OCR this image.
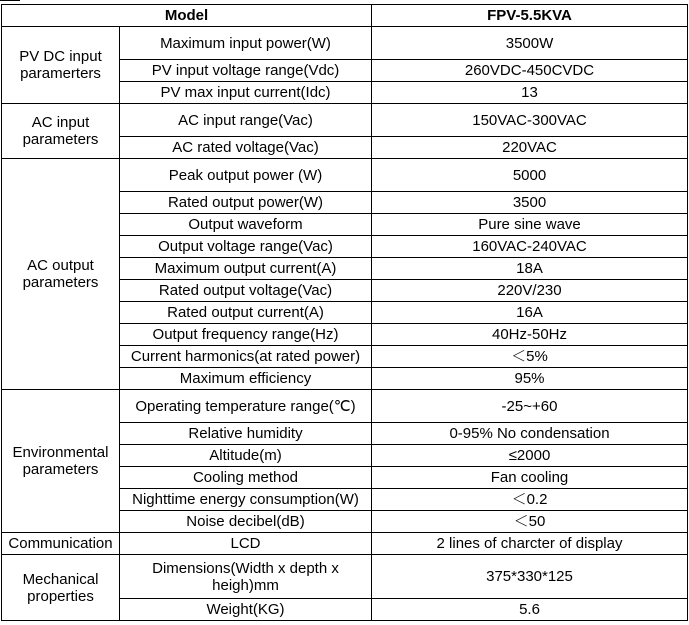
Model		FPV-5.5KVA
PV DC input
paramerters	Maximum input power(W)	3500W
	PV input voltage range(Vdc)	260VDC-450CVDC
	PV max input current(Idc)	13
AC input
parameters	AC input range(Vac)	150VAC-300VAC
	AC rated voltage(Vac)	220VAC
AC output
parameters	Peak output power (W)	5000
	Rated output power(W)	3500
	Output waveform	Pure sine wave
	Output voltage range(Vac)	160VAC-240VAC
	Maximum output current(A)	18A
	Rated output voltage(Vac)	220V/230
	Rated output current(A)	16A
	Output frequency range(Hz)	40Hz-50Hz
	Current harmonics(at rated power)	＜5%
	Maximum efficiency	95%
Environmental
parameters	Operating temperature range(℃)	-25~+60
	Relative humidity	0-95% No condensation
	Altitude(m)	≤2000
	Cooling method	Fan cooling
	Nighttime energy consumption(W)	＜0.2
	Noise decibel(dB)	＜50
Communication	LCD	2 lines of charcter of display
Mechanical
properties	Dimensions(Width x depth x
heigh)mm	375*330*125
	Weight(KG)	5.6
